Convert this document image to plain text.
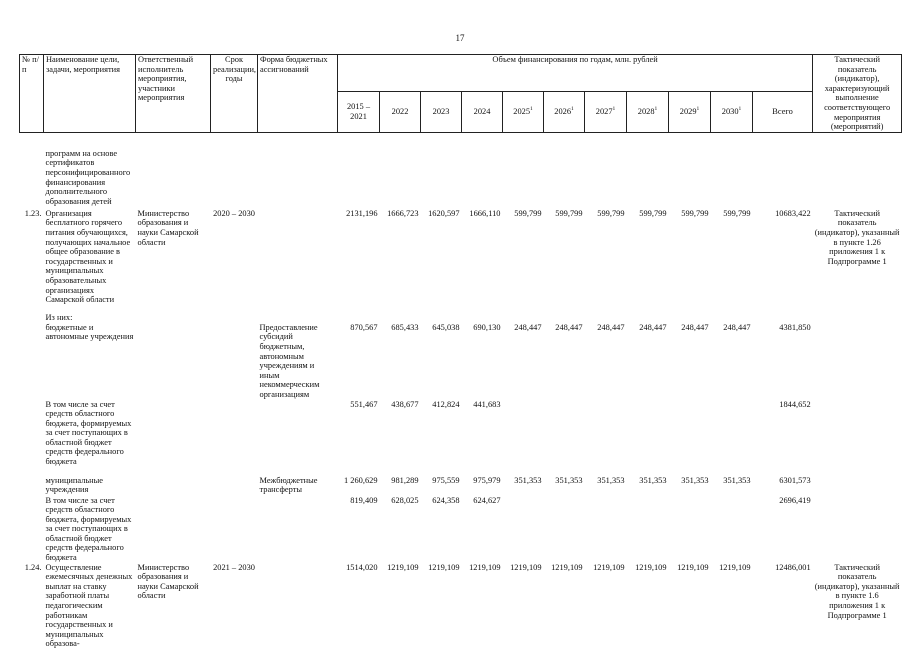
17
№ п/п	Наименование цели, задачи, мероприятия	Ответственный исполнитель мероприятия, участники мероприятия	Срок реализации, годы	Форма бюджетных ассигнований	Объем финансирования по годам, млн. рублей											Тактический показатель (индикатор), характеризующий выполнение соответствующего мероприятия (мероприятий)
					2015 – 2021	2022	2023	2024	2025$^1$	2026$^1$	2027$^1$	2028$^1$	2029$^1$	2030$^1$	Всего	

	программ на основе сертификатов персонифицированного финансирования дополнительного образования детей															
1.23.	Организация бесплатного горячего питания обучающихся, получающих начальное общее образование в государственных и муниципальных образовательных организациях Самарской области	Министерство образования и науки Самарской области	2020 – 2030		2131,196	1666,723	1620,597	1666,110	599,799	599,799	599,799	599,799	599,799	599,799	10683,422	Тактический показатель (индикатор), указанный в пункте 1.26 приложения 1 к Подпрограмме 1
	Из них:															
	бюджетные и автономные учреждения			Предоставление субсидий бюджетным, автономным учреждениям и иным некоммерческим организациям	870,567	685,433	645,038	690,130	248,447	248,447	248,447	248,447	248,447	248,447	4381,850	
	В том числе за счет средств областного бюджета, формируемых за счет поступающих в областной бюджет средств федерального бюджета				551,467	438,677	412,824	441,683							1844,652	
	муниципальные учреждения			Межбюджетные трансферты	1 260,629	981,289	975,559	975,979	351,353	351,353	351,353	351,353	351,353	351,353	6301,573	
	В том числе за счет средств областного бюджета, формируемых за счет поступающих в областной бюджет средств федерального бюджета				819,409	628,025	624,358	624,627							2696,419	
1.24.	Осуществление ежемесячных денежных выплат на ставку заработной платы педагогическим работникам государственных и муниципальных образова-	Министерство образования и науки Самарской области	2021 – 2030		1514,020	1219,109	1219,109	1219,109	1219,109	1219,109	1219,109	1219,109	1219,109	1219,109	12486,001	Тактический показатель (индикатор), указанный в пункте 1.6 приложения 1 к Подпрограмме 1
